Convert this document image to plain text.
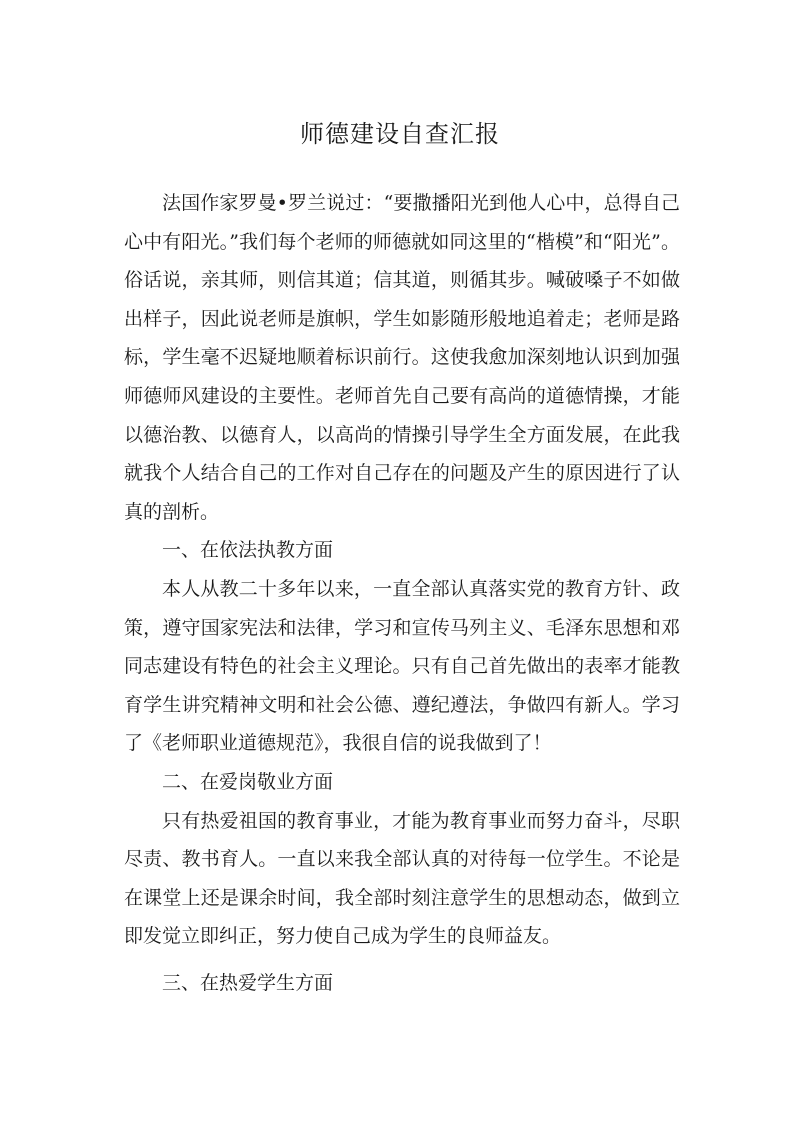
师德建设自查汇报

法国作家罗曼•罗兰说过：“要撒播阳光到他人心中，总得自己心中有阳光。”我们每个老师的师德就如同这里的“楷模”和“阳光”。俗话说，亲其师，则信其道；信其道，则循其步。喊破嗓子不如做出样子，因此说老师是旗帜，学生如影随形般地追着走；老师是路标，学生毫不迟疑地顺着标识前行。这使我愈加深刻地认识到加强师德师风建设的主要性。老师首先自己要有高尚的道德情操，才能以德治教、以德育人，以高尚的情操引导学生全方面发展，在此我就我个人结合自己的工作对自己存在的问题及产生的原因进行了认真的剖析。

一、在依法执教方面

本人从教二十多年以来，一直全部认真落实党的教育方针、政策，遵守国家宪法和法律，学习和宣传马列主义、毛泽东思想和邓同志建设有特色的社会主义理论。只有自己首先做出的表率才能教育学生讲究精神文明和社会公德、遵纪遵法，争做四有新人。学习了《老师职业道德规范》，我很自信的说我做到了！

二、在爱岗敬业方面

只有热爱祖国的教育事业，才能为教育事业而努力奋斗，尽职尽责、教书育人。一直以来我全部认真的对待每一位学生。不论是在课堂上还是课余时间，我全部时刻注意学生的思想动态，做到立即发觉立即纠正，努力使自己成为学生的良师益友。

三、在热爱学生方面
